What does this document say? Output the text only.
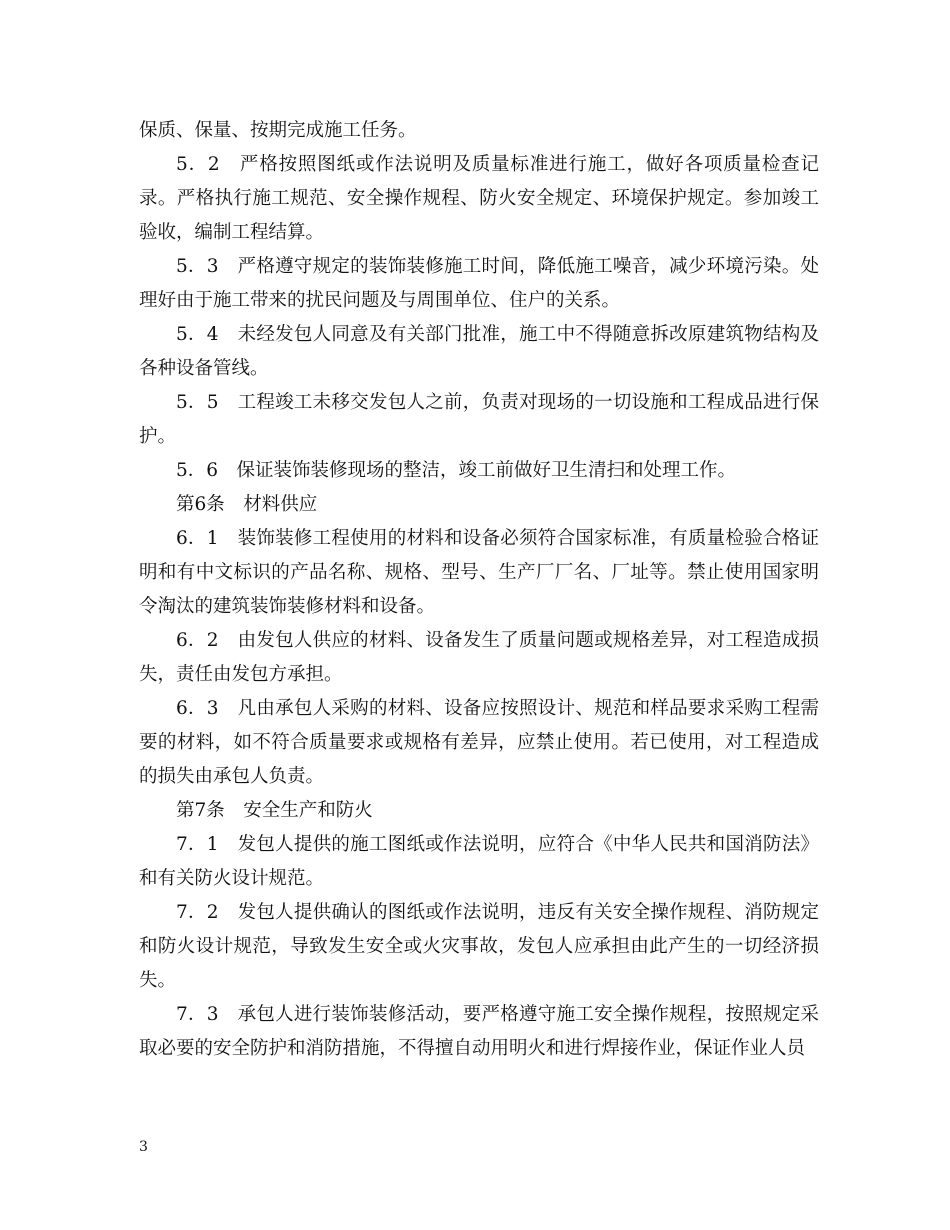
保质、保量、按期完成施工任务。

5．2　严格按照图纸或作法说明及质量标准进行施工，做好各项质量检查记录。严格执行施工规范、安全操作规程、防火安全规定、环境保护规定。参加竣工验收，编制工程结算。

5．3　严格遵守规定的装饰装修施工时间，降低施工噪音，减少环境污染。处理好由于施工带来的扰民问题及与周围单位、住户的关系。

5．4　未经发包人同意及有关部门批准，施工中不得随意拆改原建筑物结构及各种设备管线。

5．5　工程竣工未移交发包人之前，负责对现场的一切设施和工程成品进行保护。

5．6　保证装饰装修现场的整洁，竣工前做好卫生清扫和处理工作。

第6条　材料供应

6．1　装饰装修工程使用的材料和设备必须符合国家标准，有质量检验合格证明和有中文标识的产品名称、规格、型号、生产厂厂名、厂址等。禁止使用国家明令淘汰的建筑装饰装修材料和设备。

6．2　由发包人供应的材料、设备发生了质量问题或规格差异，对工程造成损失，责任由发包方承担。

6．3　凡由承包人采购的材料、设备应按照设计、规范和样品要求采购工程需要的材料，如不符合质量要求或规格有差异，应禁止使用。若已使用，对工程造成的损失由承包人负责。

第7条　安全生产和防火

7．1　发包人提供的施工图纸或作法说明，应符合《中华人民共和国消防法》和有关防火设计规范。

7．2　发包人提供确认的图纸或作法说明，违反有关安全操作规程、消防规定和防火设计规范，导致发生安全或火灾事故，发包人应承担由此产生的一切经济损失。

7．3　承包人进行装饰装修活动，要严格遵守施工安全操作规程，按照规定采取必要的安全防护和消防措施，不得擅自动用明火和进行焊接作业，保证作业人员

3
